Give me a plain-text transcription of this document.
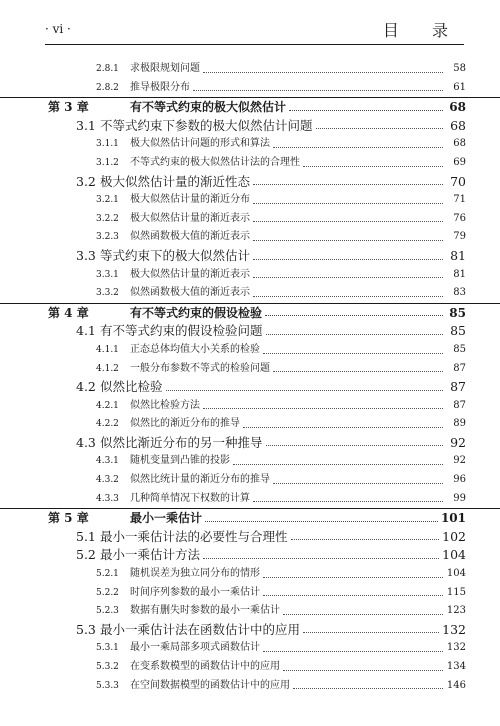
· vi ·	目 录
2.8.1	求极限规划问题	58
2.8.2	推导极限分布	61
第 3 章	有不等式约束的极大似然估计	68
3.1 不等式约束下参数的极大似然估计问题	68
3.1.1	极大似然估计问题的形式和算法	68
3.1.2	不等式约束的极大似然估计法的合理性	69
3.2 极大似然估计量的渐近性态	70
3.2.1	极大似然估计量的渐近分布	71
3.2.2	极大似然估计量的渐近表示	76
3.2.3	似然函数极大值的渐近表示	79
3.3 等式约束下的极大似然估计	81
3.3.1	极大似然估计量的渐近表示	81
3.3.2	似然函数极大值的渐近表示	83
第 4 章	有不等式约束的假设检验	85
4.1 有不等式约束的假设检验问题	85
4.1.1	正态总体均值大小关系的检验	85
4.1.2	一般分布参数不等式的检验问题	87
4.2 似然比检验	87
4.2.1	似然比检验方法	87
4.2.2	似然比的渐近分布的推导	89
4.3 似然比渐近分布的另一种推导	92
4.3.1	随机变量到凸锥的投影	92
4.3.2	似然比统计量的渐近分布的推导	96
4.3.3	几种简单情况下权数的计算	99
第 5 章	最小一乘估计	101
5.1 最小一乘估计法的必要性与合理性	102
5.2 最小一乘估计方法	104
5.2.1	随机误差为独立同分布的情形	104
5.2.2	时间序列参数的最小一乘估计	115
5.2.3	数据有删失时参数的最小一乘估计	123
5.3 最小一乘估计法在函数估计中的应用	132
5.3.1	最小一乘局部多项式函数估计	132
5.3.2	在变系数模型的函数估计中的应用	134
5.3.3	在空间数据模型的函数估计中的应用	146
